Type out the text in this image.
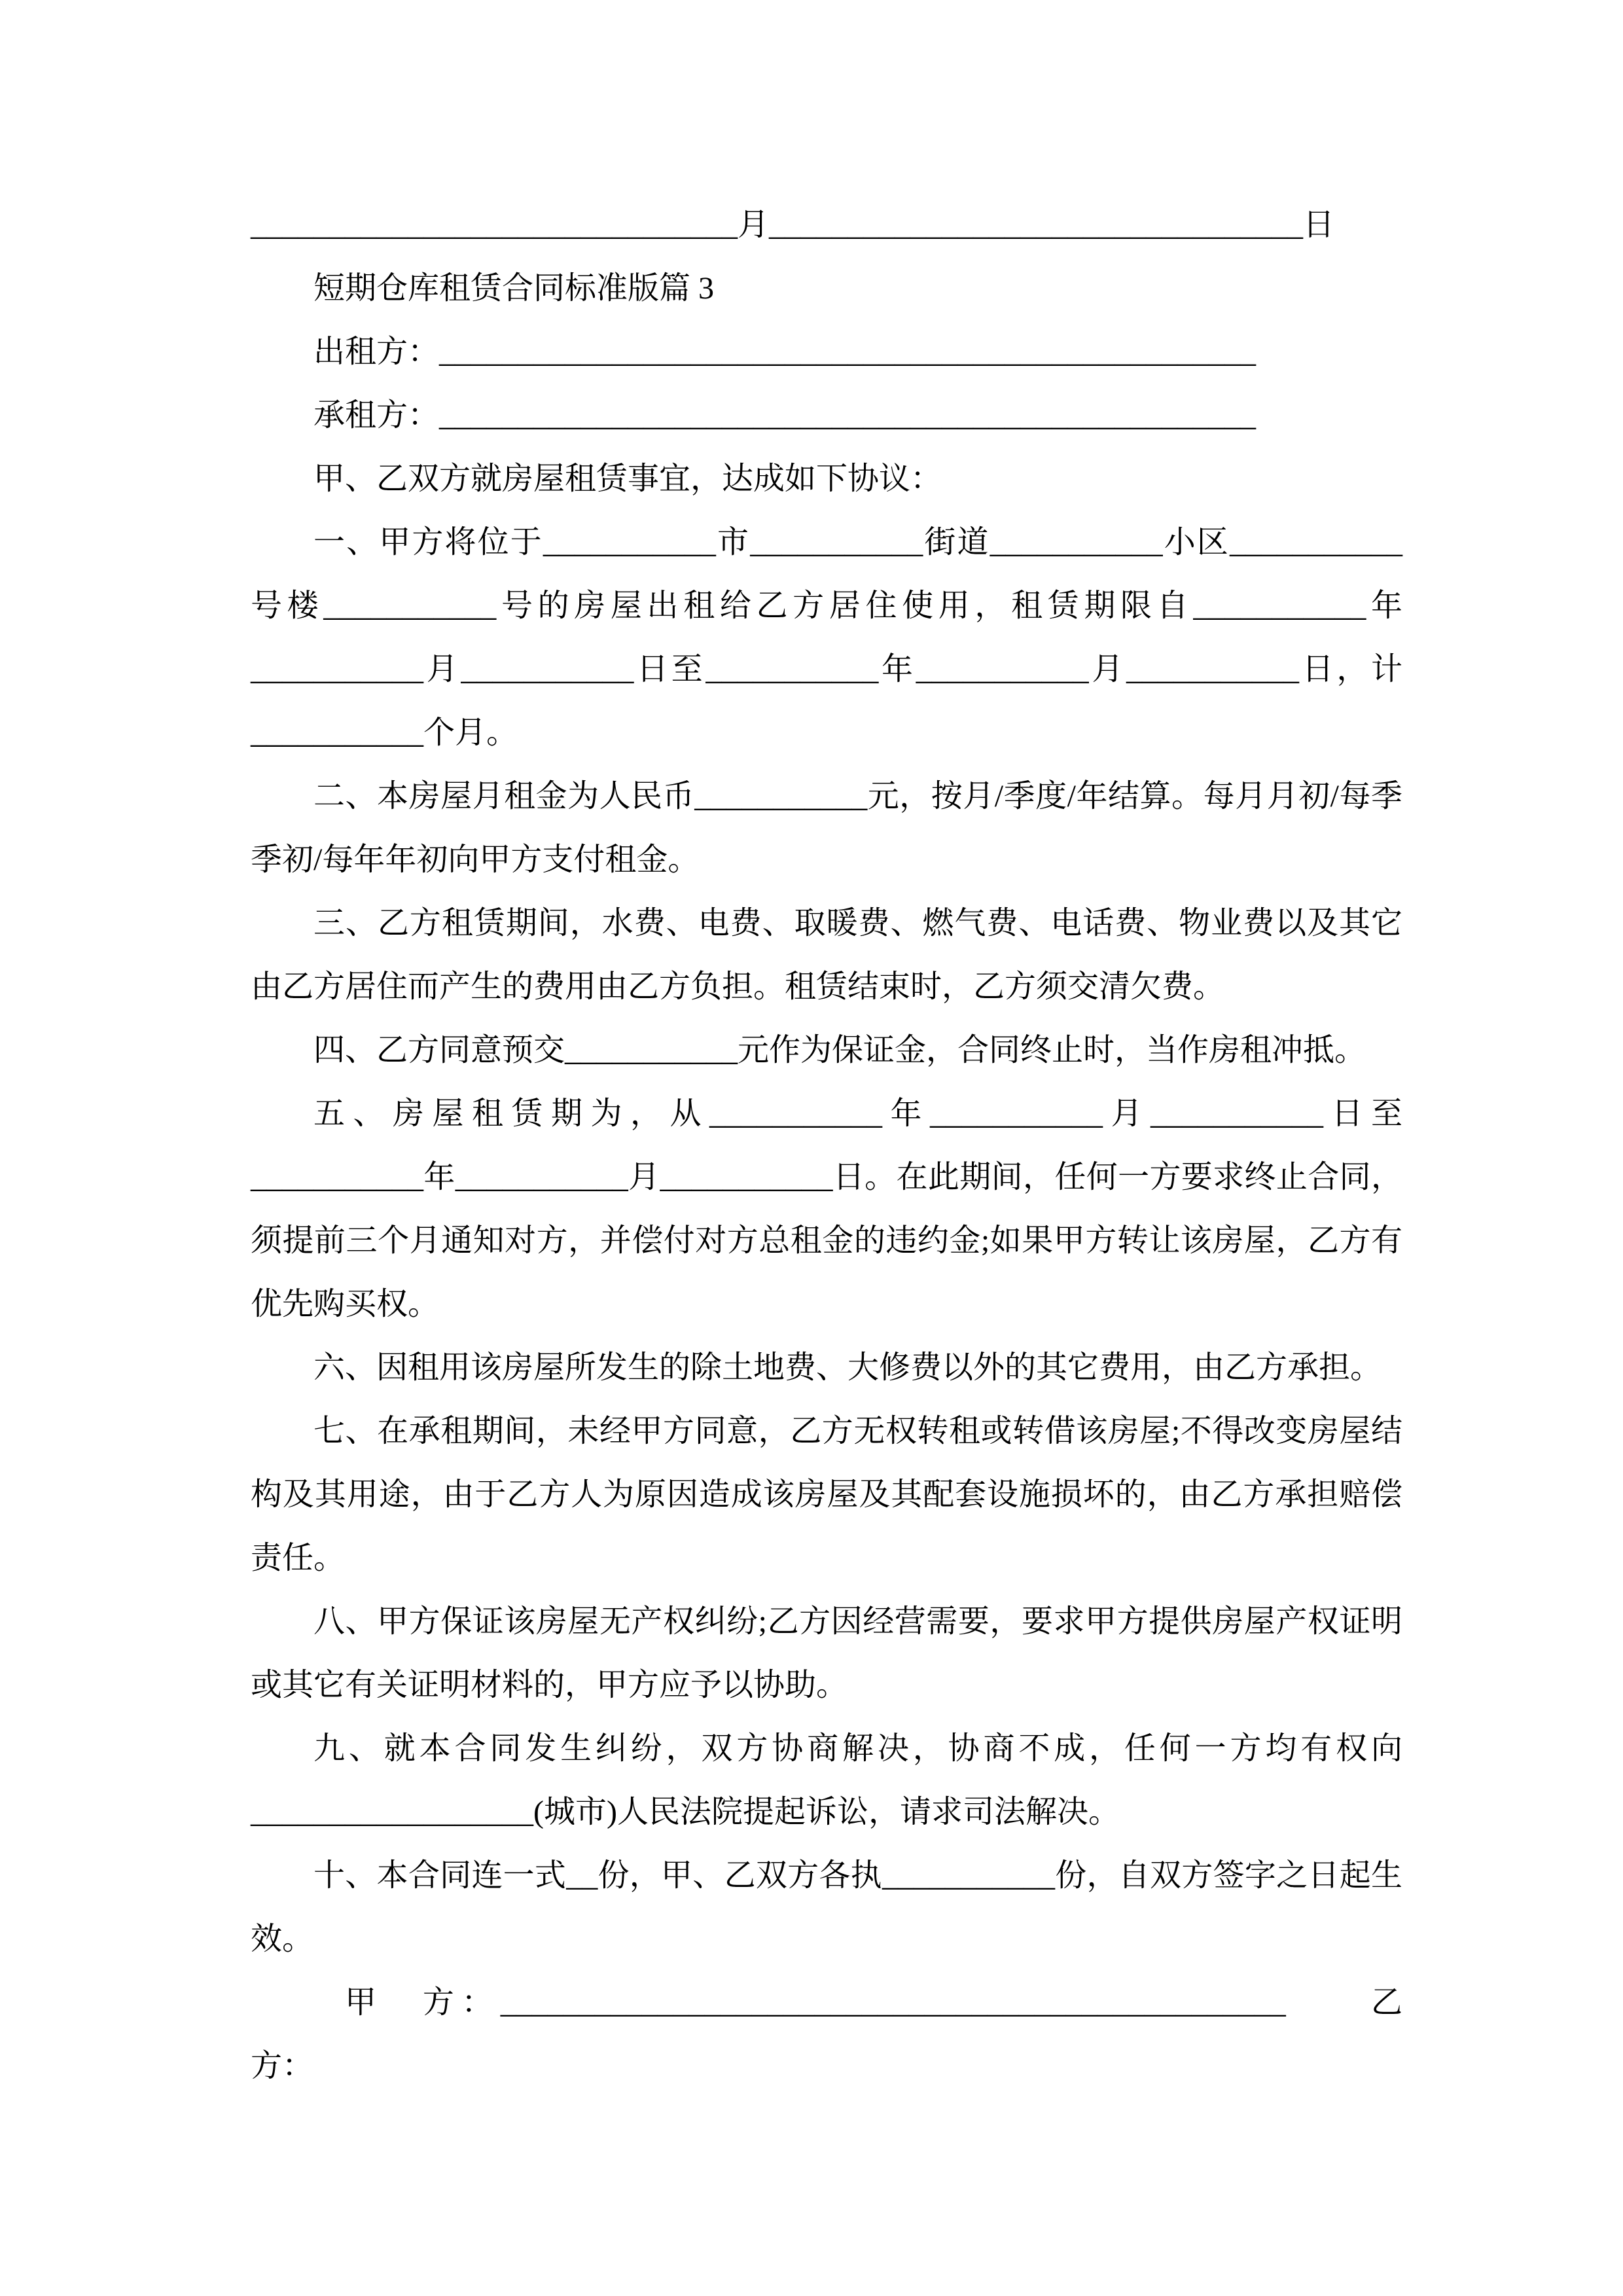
_______________________________月__________________________________日

短期仓库租赁合同标准版篇 3

出租方：____________________________________________________

承租方：____________________________________________________

甲、乙双方就房屋租赁事宜，达成如下协议：

一、甲方将位于___________市___________街道___________小区___________号楼___________号的房屋出租给乙方居住使用，租赁期限自___________年___________月___________日至___________年___________月___________日，计___________个月。

二、本房屋月租金为人民币___________元，按月/季度/年结算。每月月初/每季季初/每年年初向甲方支付租金。

三、乙方租赁期间，水费、电费、取暖费、燃气费、电话费、物业费以及其它由乙方居住而产生的费用由乙方负担。租赁结束时，乙方须交清欠费。

四、乙方同意预交___________元作为保证金，合同终止时，当作房租冲抵。

五、房屋租赁期为，从___________年___________月___________日至___________年___________月___________日。在此期间，任何一方要求终止合同，须提前三个月通知对方，并偿付对方总租金的违约金;如果甲方转让该房屋，乙方有优先购买权。

六、因租用该房屋所发生的除土地费、大修费以外的其它费用，由乙方承担。

七、在承租期间，未经甲方同意，乙方无权转租或转借该房屋;不得改变房屋结构及其用途，由于乙方人为原因造成该房屋及其配套设施损坏的，由乙方承担赔偿责任。

八、甲方保证该房屋无产权纠纷;乙方因经营需要，要求甲方提供房屋产权证明或其它有关证明材料的，甲方应予以协助。

九、就本合同发生纠纷，双方协商解决，协商不成，任何一方均有权向__________________(城市)人民法院提起诉讼，请求司法解决。

十、本合同连一式__份，甲、乙双方各执___________份，自双方签字之日起生效。

甲　方：__________________________________________________　　乙　方：
